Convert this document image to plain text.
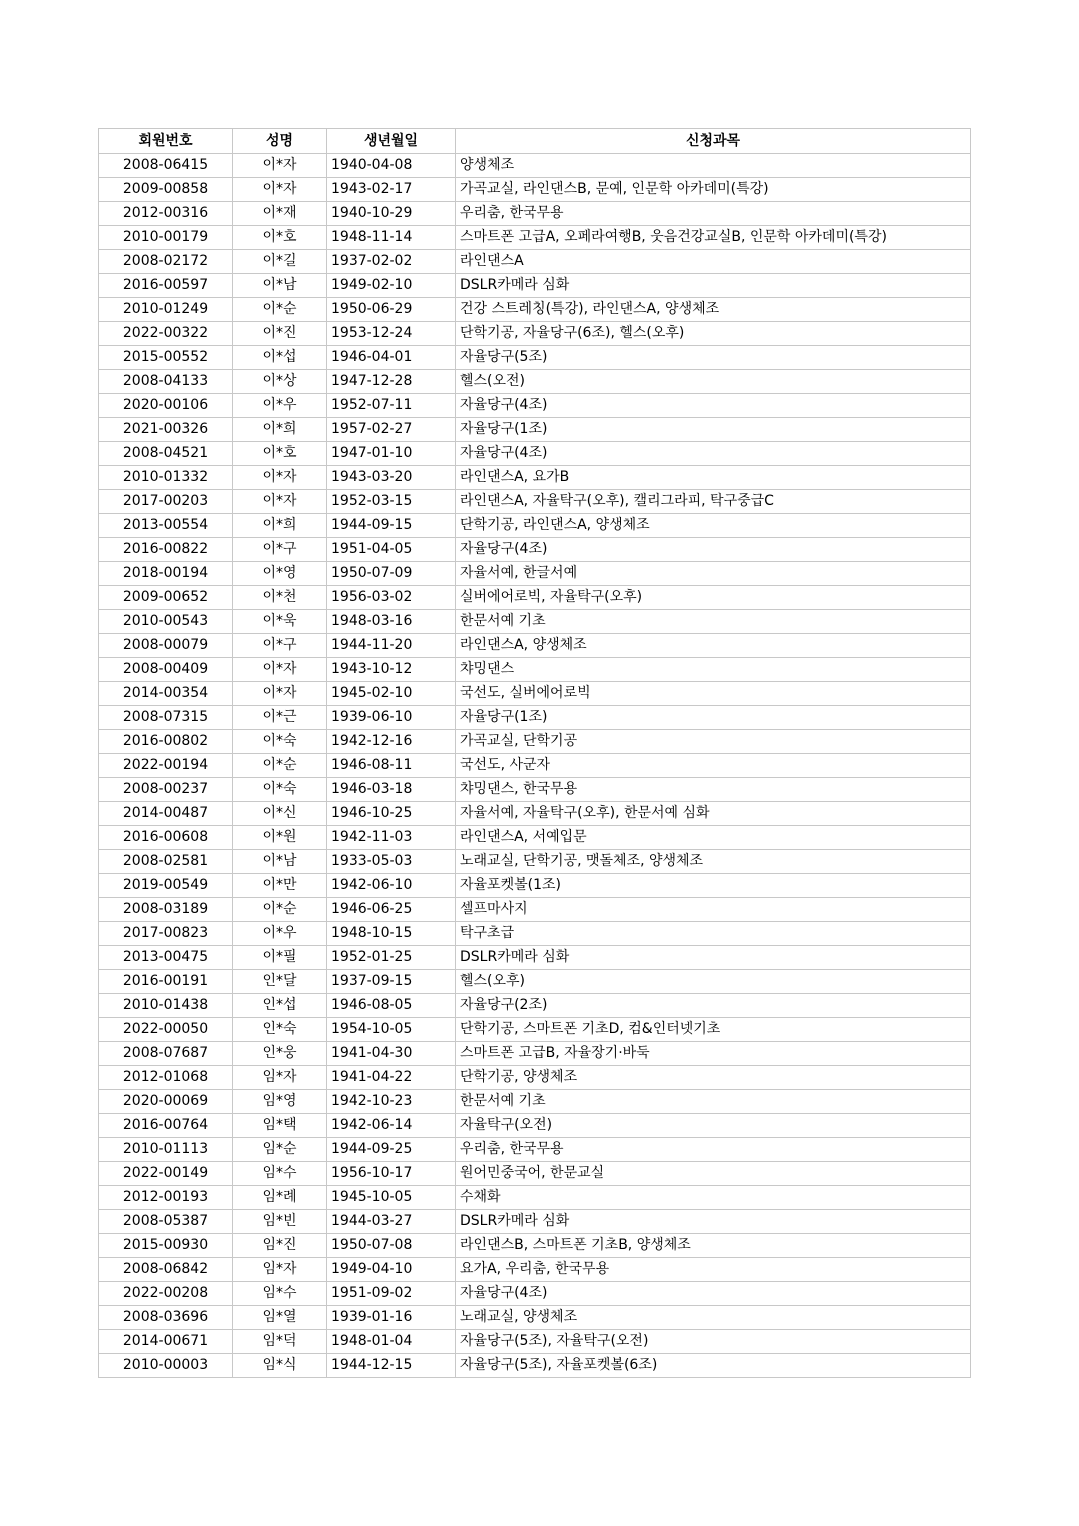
회원번호	성명	생년월일	신청과목
2008-06415	이*자	1940-04-08	양생체조
2009-00858	이*자	1943-02-17	가곡교실, 라인댄스B, 문예, 인문학 아카데미(특강)
2012-00316	이*재	1940-10-29	우리춤, 한국무용
2010-00179	이*호	1948-11-14	스마트폰 고급A, 오페라여행B, 웃음건강교실B, 인문학 아카데미(특강)
2008-02172	이*길	1937-02-02	라인댄스A
2016-00597	이*남	1949-02-10	DSLR카메라 심화
2010-01249	이*순	1950-06-29	건강 스트레칭(특강), 라인댄스A, 양생체조
2022-00322	이*진	1953-12-24	단학기공, 자율당구(6조), 헬스(오후)
2015-00552	이*섭	1946-04-01	자율당구(5조)
2008-04133	이*상	1947-12-28	헬스(오전)
2020-00106	이*우	1952-07-11	자율당구(4조)
2021-00326	이*희	1957-02-27	자율당구(1조)
2008-04521	이*호	1947-01-10	자율당구(4조)
2010-01332	이*자	1943-03-20	라인댄스A, 요가B
2017-00203	이*자	1952-03-15	라인댄스A, 자율탁구(오후), 캘리그라피, 탁구중급C
2013-00554	이*희	1944-09-15	단학기공, 라인댄스A, 양생체조
2016-00822	이*구	1951-04-05	자율당구(4조)
2018-00194	이*영	1950-07-09	자율서예, 한글서예
2009-00652	이*천	1956-03-02	실버에어로빅, 자율탁구(오후)
2010-00543	이*욱	1948-03-16	한문서예 기초
2008-00079	이*구	1944-11-20	라인댄스A, 양생체조
2008-00409	이*자	1943-10-12	챠밍댄스
2014-00354	이*자	1945-02-10	국선도, 실버에어로빅
2008-07315	이*근	1939-06-10	자율당구(1조)
2016-00802	이*숙	1942-12-16	가곡교실, 단학기공
2022-00194	이*순	1946-08-11	국선도, 사군자
2008-00237	이*숙	1946-03-18	챠밍댄스, 한국무용
2014-00487	이*신	1946-10-25	자율서예, 자율탁구(오후), 한문서예 심화
2016-00608	이*원	1942-11-03	라인댄스A, 서예입문
2008-02581	이*남	1933-05-03	노래교실, 단학기공, 맷돌체조, 양생체조
2019-00549	이*만	1942-06-10	자율포켓볼(1조)
2008-03189	이*순	1946-06-25	셀프마사지
2017-00823	이*우	1948-10-15	탁구초급
2013-00475	이*필	1952-01-25	DSLR카메라 심화
2016-00191	인*달	1937-09-15	헬스(오후)
2010-01438	인*섭	1946-08-05	자율당구(2조)
2022-00050	인*숙	1954-10-05	단학기공, 스마트폰 기초D, 컴&인터넷기초
2008-07687	인*웅	1941-04-30	스마트폰 고급B, 자율장기·바둑
2012-01068	임*자	1941-04-22	단학기공, 양생체조
2020-00069	임*영	1942-10-23	한문서예 기초
2016-00764	임*택	1942-06-14	자율탁구(오전)
2010-01113	임*순	1944-09-25	우리춤, 한국무용
2022-00149	임*수	1956-10-17	원어민중국어, 한문교실
2012-00193	임*례	1945-10-05	수채화
2008-05387	임*빈	1944-03-27	DSLR카메라 심화
2015-00930	임*진	1950-07-08	라인댄스B, 스마트폰 기초B, 양생체조
2008-06842	임*자	1949-04-10	요가A, 우리춤, 한국무용
2022-00208	임*수	1951-09-02	자율당구(4조)
2008-03696	임*열	1939-01-16	노래교실, 양생체조
2014-00671	임*덕	1948-01-04	자율당구(5조), 자율탁구(오전)
2010-00003	임*식	1944-12-15	자율당구(5조), 자율포켓볼(6조)
